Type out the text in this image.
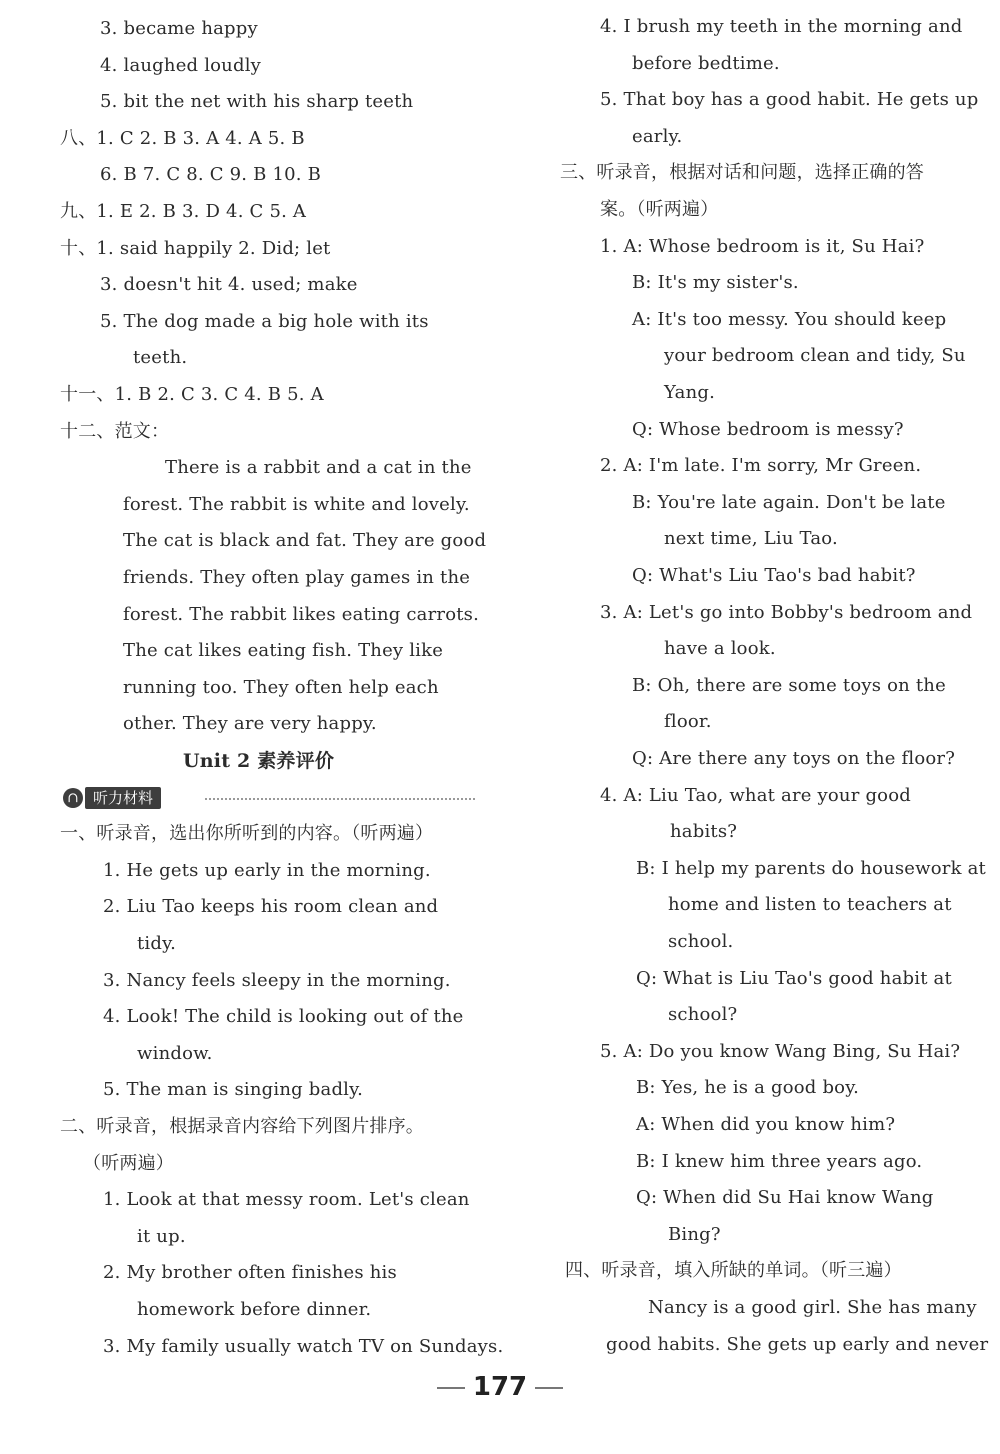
3. became happy
4. laughed loudly
5. bit the net with his sharp teeth
八、1. C 2. B 3. A 4. A 5. B
6. B 7. C 8. C 9. B 10. B
九、1. E 2. B 3. D 4. C 5. A
十、1. said happily 2. Did; let
3. doesn't hit 4. used; make
5. The dog made a big hole with its
teeth.
十一、1. B 2. C 3. C 4. B 5. A
十二、范文：
There is a rabbit and a cat in the
forest. The rabbit is white and lovely.
The cat is black and fat. They are good
friends. They often play games in the
forest. The rabbit likes eating carrots.
The cat likes eating fish. They like
running too. They often help each
other. They are very happy.
Unit 2 素养评价
∩ 听力材料
一、听录音，选出你所听到的内容。（听两遍）
1. He gets up early in the morning.
2. Liu Tao keeps his room clean and
tidy.
3. Nancy feels sleepy in the morning.
4. Look! The child is looking out of the
window.
5. The man is singing badly.
二、听录音，根据录音内容给下列图片排序。
（听两遍）
1. Look at that messy room. Let's clean
it up.
2. My brother often finishes his
homework before dinner.
3. My family usually watch TV on Sundays.
4. I brush my teeth in the morning and
before bedtime.
5. That boy has a good habit. He gets up
early.
三、听录音，根据对话和问题，选择正确的答
案。（听两遍）
1. A: Whose bedroom is it, Su Hai?
B: It's my sister's.
A: It's too messy. You should keep
your bedroom clean and tidy, Su
Yang.
Q: Whose bedroom is messy?
2. A: I'm late. I'm sorry, Mr Green.
B: You're late again. Don't be late
next time, Liu Tao.
Q: What's Liu Tao's bad habit?
3. A: Let's go into Bobby's bedroom and
have a look.
B: Oh, there are some toys on the
floor.
Q: Are there any toys on the floor?
4. A: Liu Tao, what are your good
habits?
B: I help my parents do housework at
home and listen to teachers at
school.
Q: What is Liu Tao's good habit at
school?
5. A: Do you know Wang Bing, Su Hai?
B: Yes, he is a good boy.
A: When did you know him?
B: I knew him three years ago.
Q: When did Su Hai know Wang
Bing?
四、听录音，填入所缺的单词。（听三遍）
Nancy is a good girl. She has many
good habits. She gets up early and never
177
